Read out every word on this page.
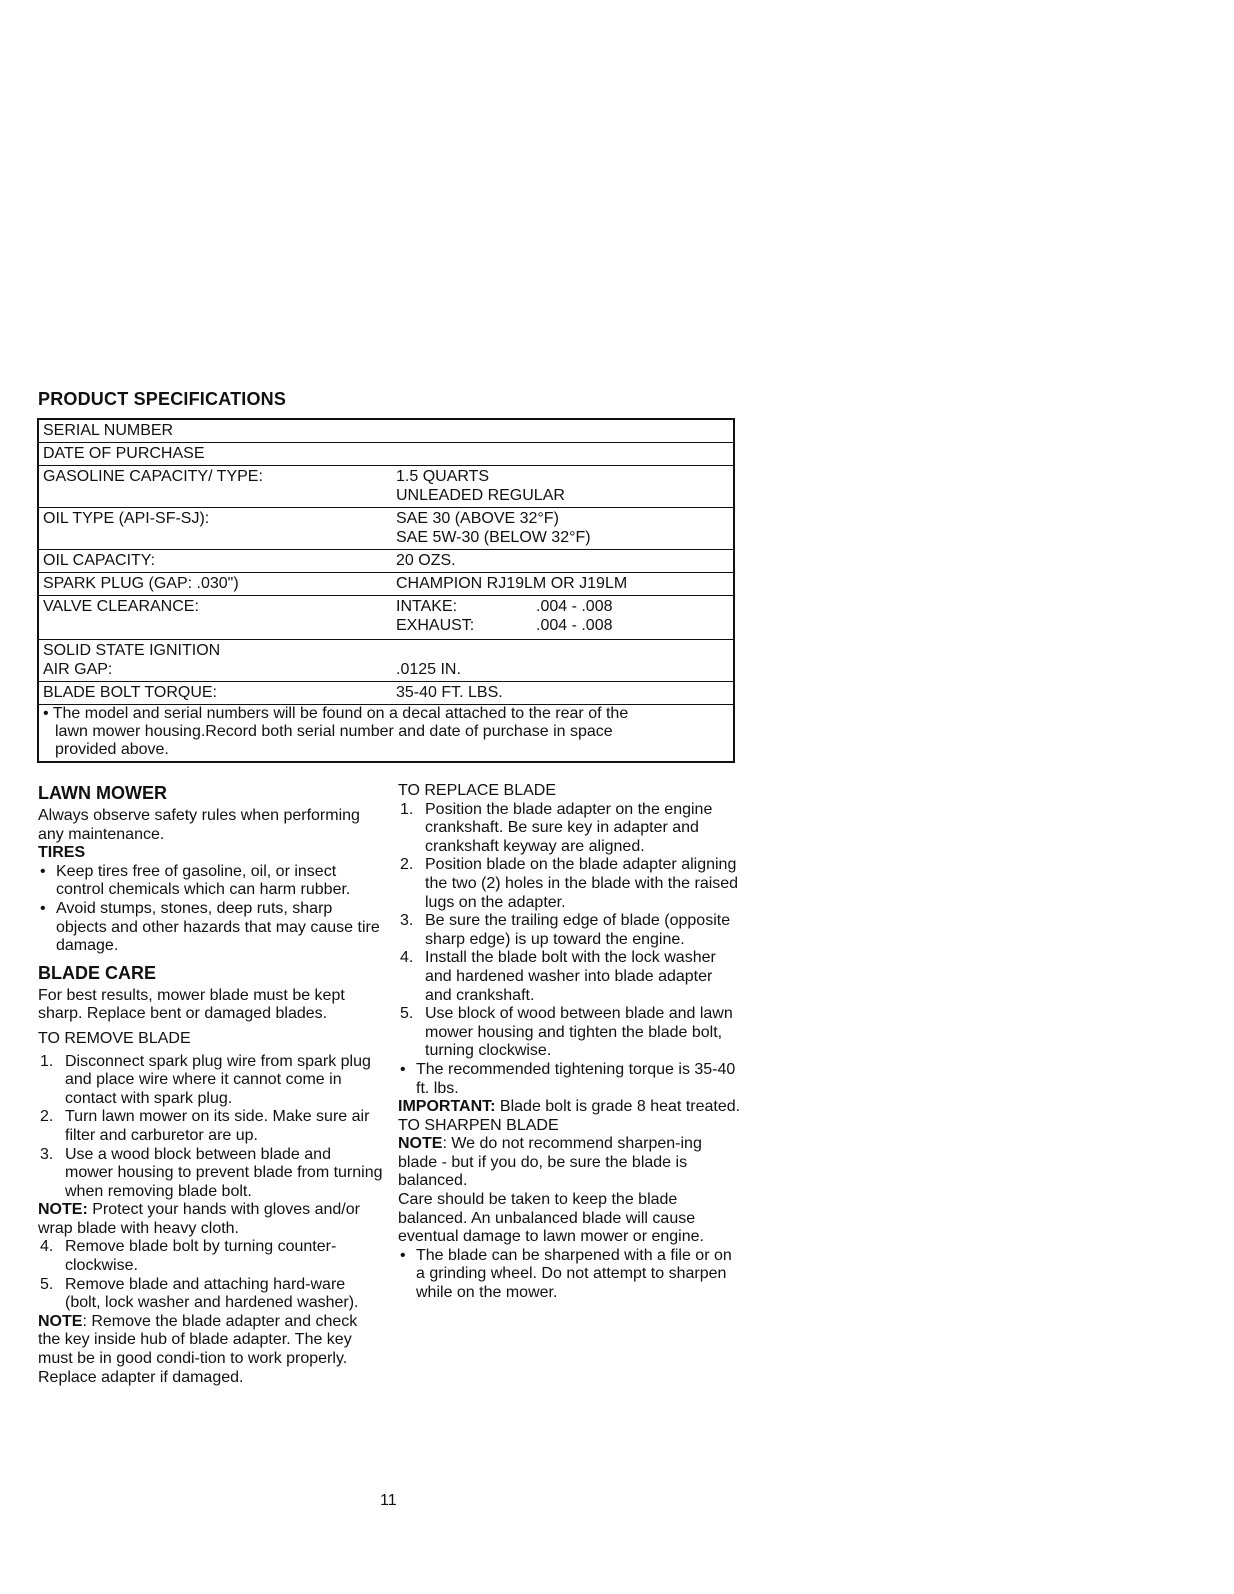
PRODUCT SPECIFICATIONS
SERIAL NUMBER	
DATE OF PURCHASE	
GASOLINE CAPACITY/ TYPE:	1.5 QUARTS
UNLEADED REGULAR

OIL TYPE (API-SF-SJ):	SAE 30 (ABOVE 32°F)
SAE 5W-30 (BELOW 32°F)

OIL CAPACITY:	20 OZS.
SPARK PLUG (GAP: .030")	CHAMPION RJ19LM OR J19LM
VALVE CLEARANCE:	INTAKE: .004 - .008
EXHAUST: .004 - .008

SOLID STATE IGNITION
AIR GAP:	.0125 IN.

BLADE BOLT TORQUE:	35-40 FT. LBS.

• The model and serial numbers will be found on a decal attached to the rear of the
lawn mower housing.Record both serial number and date of purchase in space
provided above.	
LAWN MOWER

Always observe safety rules when performing any maintenance.

TIRES
• Keep tires free of gasoline, oil, or insect control chemicals which can harm rubber.
• Avoid stumps, stones, deep ruts, sharp objects and other hazards that may cause tire damage.
BLADE CARE

For best results, mower blade must be kept sharp. Replace bent or damaged blades.

TO REMOVE BLADE

1. Disconnect spark plug wire from spark plug and place wire where it cannot come in contact with spark plug.
2. Turn lawn mower on its side. Make sure air filter and carburetor are up.
3. Use a wood block between blade and mower housing to prevent blade from turning when removing blade bolt.

NOTE: Protect your hands with gloves and/or wrap blade with heavy cloth.

4. Remove blade bolt by turning counter-clockwise.
5. Remove blade and attaching hard-ware (bolt, lock washer and hardened washer).

NOTE: Remove the blade adapter and check the key inside hub of blade adapter. The key must be in good condi-tion to work properly. Replace adapter if damaged.

TO REPLACE BLADE

1. Position the blade adapter on the engine crankshaft. Be sure key in adapter and crankshaft keyway are aligned.
2. Position blade on the blade adapter aligning the two (2) holes in the blade with the raised lugs on the adapter.
3. Be sure the trailing edge of blade (opposite sharp edge) is up toward the engine.
4. Install the blade bolt with the lock washer and hardened washer into blade adapter and crankshaft.
5. Use block of wood between blade and lawn mower housing and tighten the blade bolt, turning clockwise.
• The recommended tightening torque is 35-40 ft. lbs.

IMPORTANT: Blade bolt is grade 8 heat treated.

TO SHARPEN BLADE

NOTE: We do not recommend sharpen-ing blade - but if you do, be sure the blade is balanced.

Care should be taken to keep the blade balanced. An unbalanced blade will cause eventual damage to lawn mower or engine.

• The blade can be sharpened with a file or on a grinding wheel. Do not attempt to sharpen while on the mower.
11
